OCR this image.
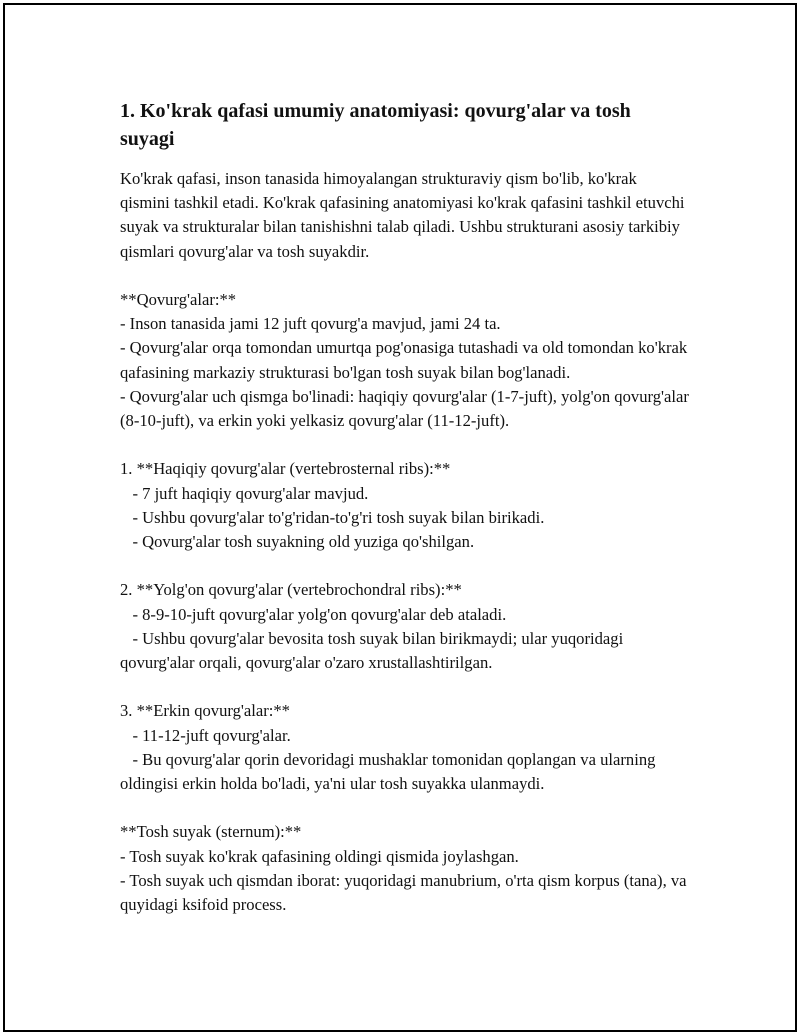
1. Ko'krak qafasi umumiy anatomiyasi: qovurg'alar va tosh suyagi

Ko'krak qafasi, inson tanasida himoyalangan strukturaviy qism bo'lib, ko'krak qismini tashkil etadi. Ko'krak qafasining anatomiyasi ko'krak qafasini tashkil etuvchi suyak va strukturalar bilan tanishishni talab qiladi. Ushbu strukturani asosiy tarkibiy qismlari qovurg'alar va tosh suyakdir.

**Qovurg'alar:**
- Inson tanasida jami 12 juft qovurg'a mavjud, jami 24 ta.
- Qovurg'alar orqa tomondan umurtqa pog'onasiga tutashadi va old tomondan ko'krak qafasining markaziy strukturasi bo'lgan tosh suyak bilan bog'lanadi.
- Qovurg'alar uch qismga bo'linadi: haqiqiy qovurg'alar (1-7-juft), yolg'on qovurg'alar (8-10-juft), va erkin yoki yelkasiz qovurg'alar (11-12-juft).

1. **Haqiqiy qovurg'alar (vertebrosternal ribs):**
- 7 juft haqiqiy qovurg'alar mavjud.
- Ushbu qovurg'alar to'g'ridan-to'g'ri tosh suyak bilan birikadi.
- Qovurg'alar tosh suyakning old yuziga qo'shilgan.

2. **Yolg'on qovurg'alar (vertebrochondral ribs):**
- 8-9-10-juft qovurg'alar yolg'on qovurg'alar deb ataladi.
- Ushbu qovurg'alar bevosita tosh suyak bilan birikmaydi; ular yuqoridagi qovurg'alar orqali, qovurg'alar o'zaro xrustallashtirilgan.

3. **Erkin qovurg'alar:**
- 11-12-juft qovurg'alar.
- Bu qovurg'alar qorin devoridagi mushaklar tomonidan qoplangan va ularning oldingisi erkin holda bo'ladi, ya'ni ular tosh suyakka ulanmaydi.

**Tosh suyak (sternum):**
- Tosh suyak ko'krak qafasining oldingi qismida joylashgan.
- Tosh suyak uch qismdan iborat: yuqoridagi manubrium, o'rta qism korpus (tana), va quyidagi ksifoid process.
